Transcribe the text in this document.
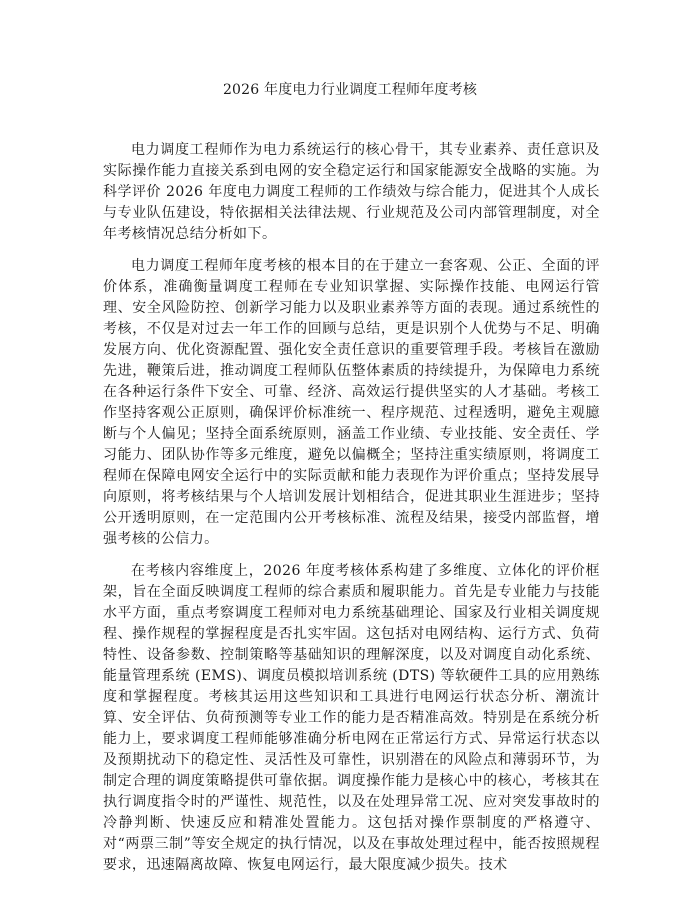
2026 年度电力行业调度工程师年度考核

电力调度工程师作为电力系统运行的核心骨干，其专业素养、责任意识及实际操作能力直接关系到电网的安全稳定运行和国家能源安全战略的实施。为科学评价 2026 年度电力调度工程师的工作绩效与综合能力，促进其个人成长与专业队伍建设，特依据相关法律法规、行业规范及公司内部管理制度，对全年考核情况总结分析如下。

电力调度工程师年度考核的根本目的在于建立一套客观、公正、全面的评价体系，准确衡量调度工程师在专业知识掌握、实际操作技能、电网运行管理、安全风险防控、创新学习能力以及职业素养等方面的表现。通过系统性的考核，不仅是对过去一年工作的回顾与总结，更是识别个人优势与不足、明确发展方向、优化资源配置、强化安全责任意识的重要管理手段。考核旨在激励先进，鞭策后进，推动调度工程师队伍整体素质的持续提升，为保障电力系统在各种运行条件下安全、可靠、经济、高效运行提供坚实的人才基础。考核工作坚持客观公正原则，确保评价标准统一、程序规范、过程透明，避免主观臆断与个人偏见；坚持全面系统原则，涵盖工作业绩、专业技能、安全责任、学习能力、团队协作等多元维度，避免以偏概全；坚持注重实绩原则，将调度工程师在保障电网安全运行中的实际贡献和能力表现作为评价重点；坚持发展导向原则，将考核结果与个人培训发展计划相结合，促进其职业生涯进步；坚持公开透明原则，在一定范围内公开考核标准、流程及结果，接受内部监督，增强考核的公信力。

在考核内容维度上，2026 年度考核体系构建了多维度、立体化的评价框架，旨在全面反映调度工程师的综合素质和履职能力。首先是专业能力与技能水平方面，重点考察调度工程师对电力系统基础理论、国家及行业相关调度规程、操作规程的掌握程度是否扎实牢固。这包括对电网结构、运行方式、负荷特性、设备参数、控制策略等基础知识的理解深度，以及对调度自动化系统、能量管理系统 (EMS)、调度员模拟培训系统 (DTS) 等软硬件工具的应用熟练度和掌握程度。考核其运用这些知识和工具进行电网运行状态分析、潮流计算、安全评估、负荷预测等专业工作的能力是否精准高效。特别是在系统分析能力上，要求调度工程师能够准确分析电网在正常运行方式、异常运行状态以及预期扰动下的稳定性、灵活性及可靠性，识别潜在的风险点和薄弱环节，为制定合理的调度策略提供可靠依据。调度操作能力是核心中的核心，考核其在执行调度指令时的严谨性、规范性，以及在处理异常工况、应对突发事故时的冷静判断、快速反应和精准处置能力。这包括对操作票制度的严格遵守、对“两票三制”等安全规定的执行情况，以及在事故处理过程中，能否按照规程要求，迅速隔离故障、恢复电网运行，最大限度减少损失。技术
